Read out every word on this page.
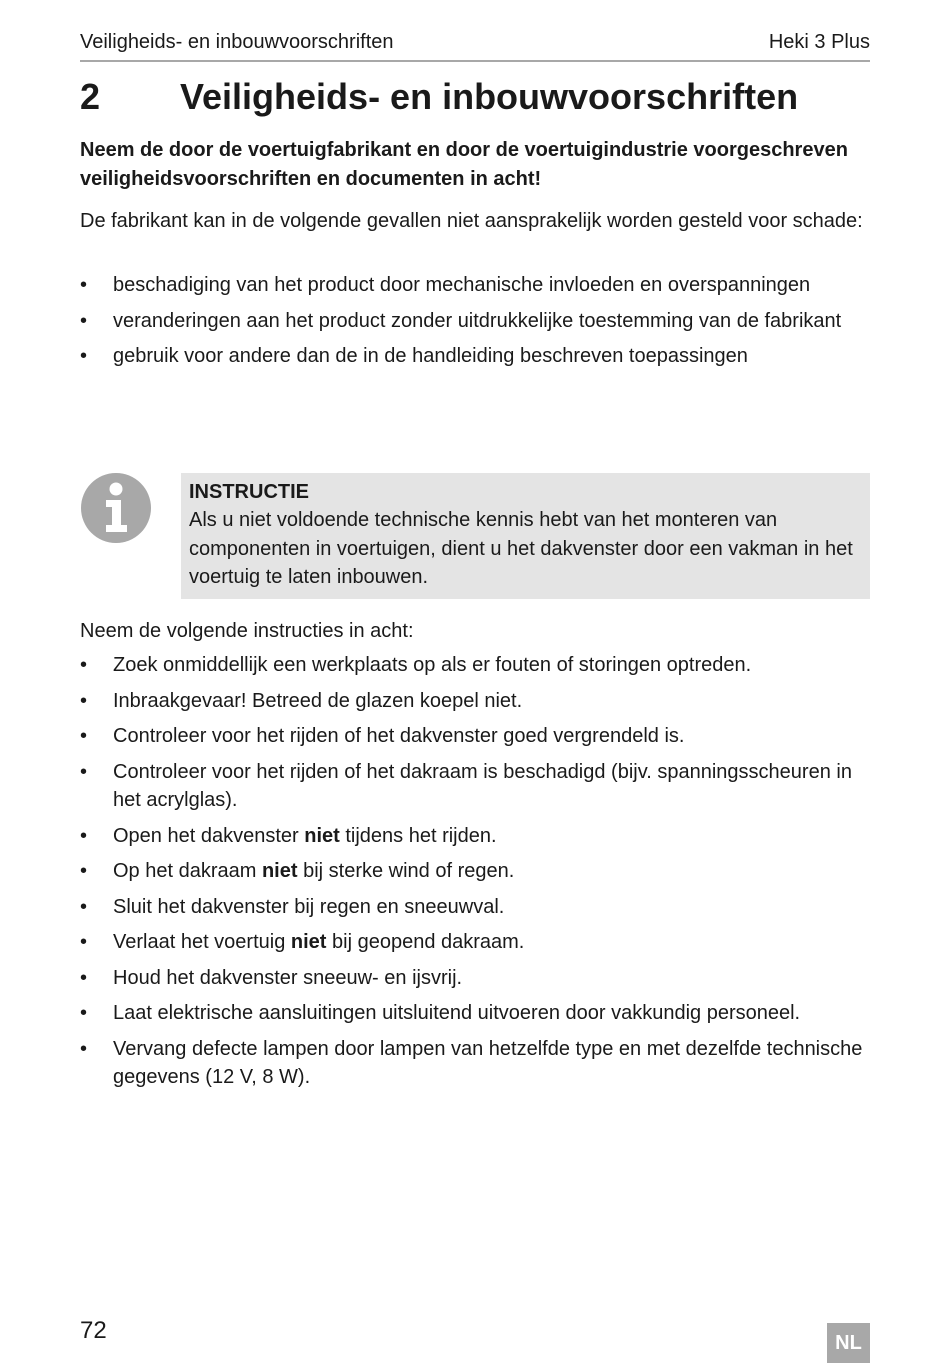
Veiligheids- en inbouwvoorschriften	Heki 3 Plus
2 Veiligheids- en inbouwvoorschriften
Neem de door de voertuigfabrikant en door de voertuigindustrie voorgeschreven veiligheidsvoorschriften en documenten in acht!
De fabrikant kan in de volgende gevallen niet aansprakelijk worden gesteld voor schade:
• beschadiging van het product door mechanische invloeden en overspanningen
• veranderingen aan het product zonder uitdrukkelijke toestemming van de fabrikant
• gebruik voor andere dan de in de handleiding beschreven toepassingen
INSTRUCTIE
Als u niet voldoende technische kennis hebt van het monteren van componenten in voertuigen, dient u het dakvenster door een vakman in het voertuig te laten inbouwen.
Neem de volgende instructies in acht:
• Zoek onmiddellijk een werkplaats op als er fouten of storingen optreden.
• Inbraakgevaar! Betreed de glazen koepel niet.
• Controleer voor het rijden of het dakvenster goed vergrendeld is.
• Controleer voor het rijden of het dakraam is beschadigd (bijv. spanningsscheuren in het acrylglas).
• Open het dakvenster niet tijdens het rijden.
• Op het dakraam niet bij sterke wind of regen.
• Sluit het dakvenster bij regen en sneeuwval.
• Verlaat het voertuig niet bij geopend dakraam.
• Houd het dakvenster sneeuw- en ijsvrij.
• Laat elektrische aansluitingen uitsluitend uitvoeren door vakkundig personeel.
• Vervang defecte lampen door lampen van hetzelfde type en met dezelfde technische gegevens (12 V, 8 W).
72	NL
